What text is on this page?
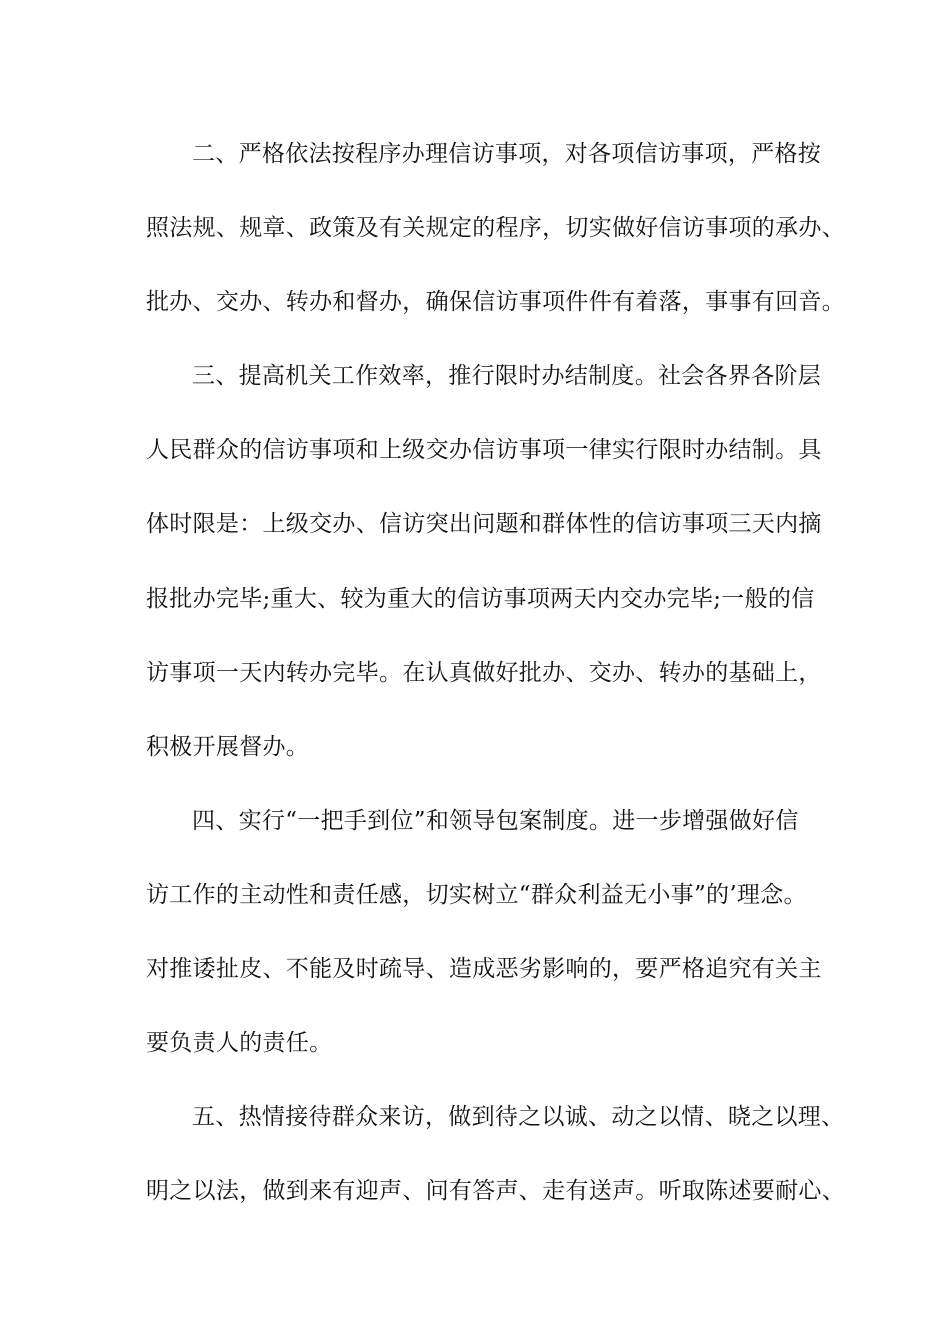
二、严格依法按程序办理信访事项，对各项信访事项，严格按
照法规、规章、政策及有关规定的程序，切实做好信访事项的承办、
批办、交办、转办和督办，确保信访事项件件有着落，事事有回音。
三、提高机关工作效率，推行限时办结制度。社会各界各阶层
人民群众的信访事项和上级交办信访事项一律实行限时办结制。具
体时限是：上级交办、信访突出问题和群体性的信访事项三天内摘
报批办完毕;重大、较为重大的信访事项两天内交办完毕;一般的信
访事项一天内转办完毕。在认真做好批办、交办、转办的基础上，
积极开展督办。
四、实行“一把手到位”和领导包案制度。进一步增强做好信
访工作的主动性和责任感，切实树立“群众利益无小事”的’理念。
对推诿扯皮、不能及时疏导、造成恶劣影响的，要严格追究有关主
要负责人的责任。
五、热情接待群众来访，做到待之以诚、动之以情、晓之以理、
明之以法，做到来有迎声、问有答声、走有送声。听取陈述要耐心、
